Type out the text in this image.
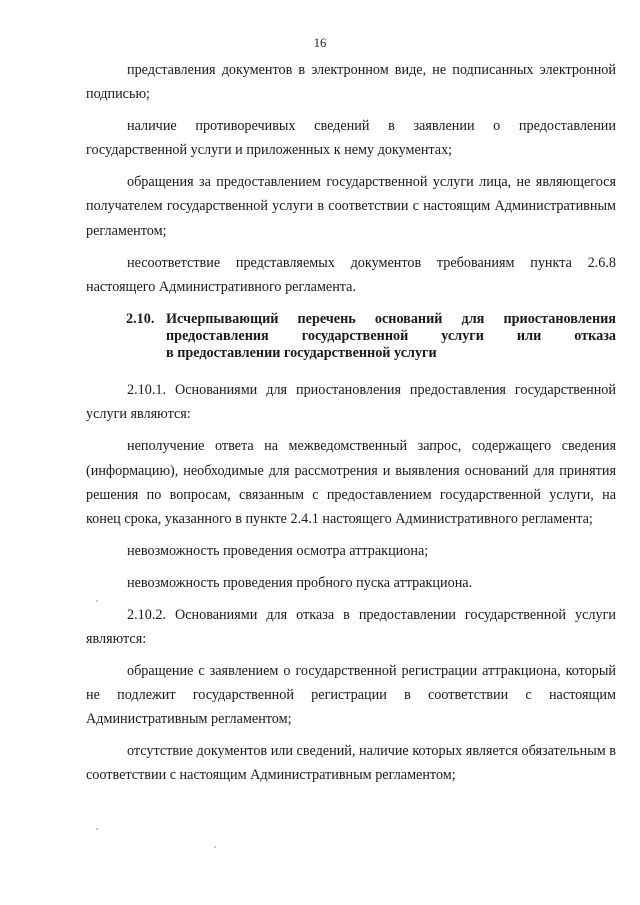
16

представления документов в электронном виде, не подписанных электронной подписью;

наличие противоречивых сведений в заявлении о предоставлении государственной услуги и приложенных к нему документах;

обращения за предоставлением государственной услуги лица, не являющегося получателем государственной услуги в соответствии с настоящим Административным регламентом;

несоответствие представляемых документов требованиям пункта 2.6.8 настоящего Административного регламента.

2.10. Исчерпывающий перечень оснований для приостановления
предоставления государственной услуги или отказа
в предоставлении государственной услуги

2.10.1. Основаниями для приостановления предоставления государственной услуги являются:

неполучение ответа на межведомственный запрос, содержащего сведения (информацию), необходимые для рассмотрения и выявления оснований для принятия решения по вопросам, связанным с предоставлением государственной услуги, на конец срока, указанного в пункте 2.4.1 настоящего Административного регламента;

невозможность проведения осмотра аттракциона;

невозможность проведения пробного пуска аттракциона.

2.10.2. Основаниями для отказа в предоставлении государственной услуги являются:

обращение с заявлением о государственной регистрации аттракциона, который не подлежит государственной регистрации в соответствии с настоящим Административным регламентом;

отсутствие документов или сведений, наличие которых является обязательным в соответствии с настоящим Административным регламентом;
